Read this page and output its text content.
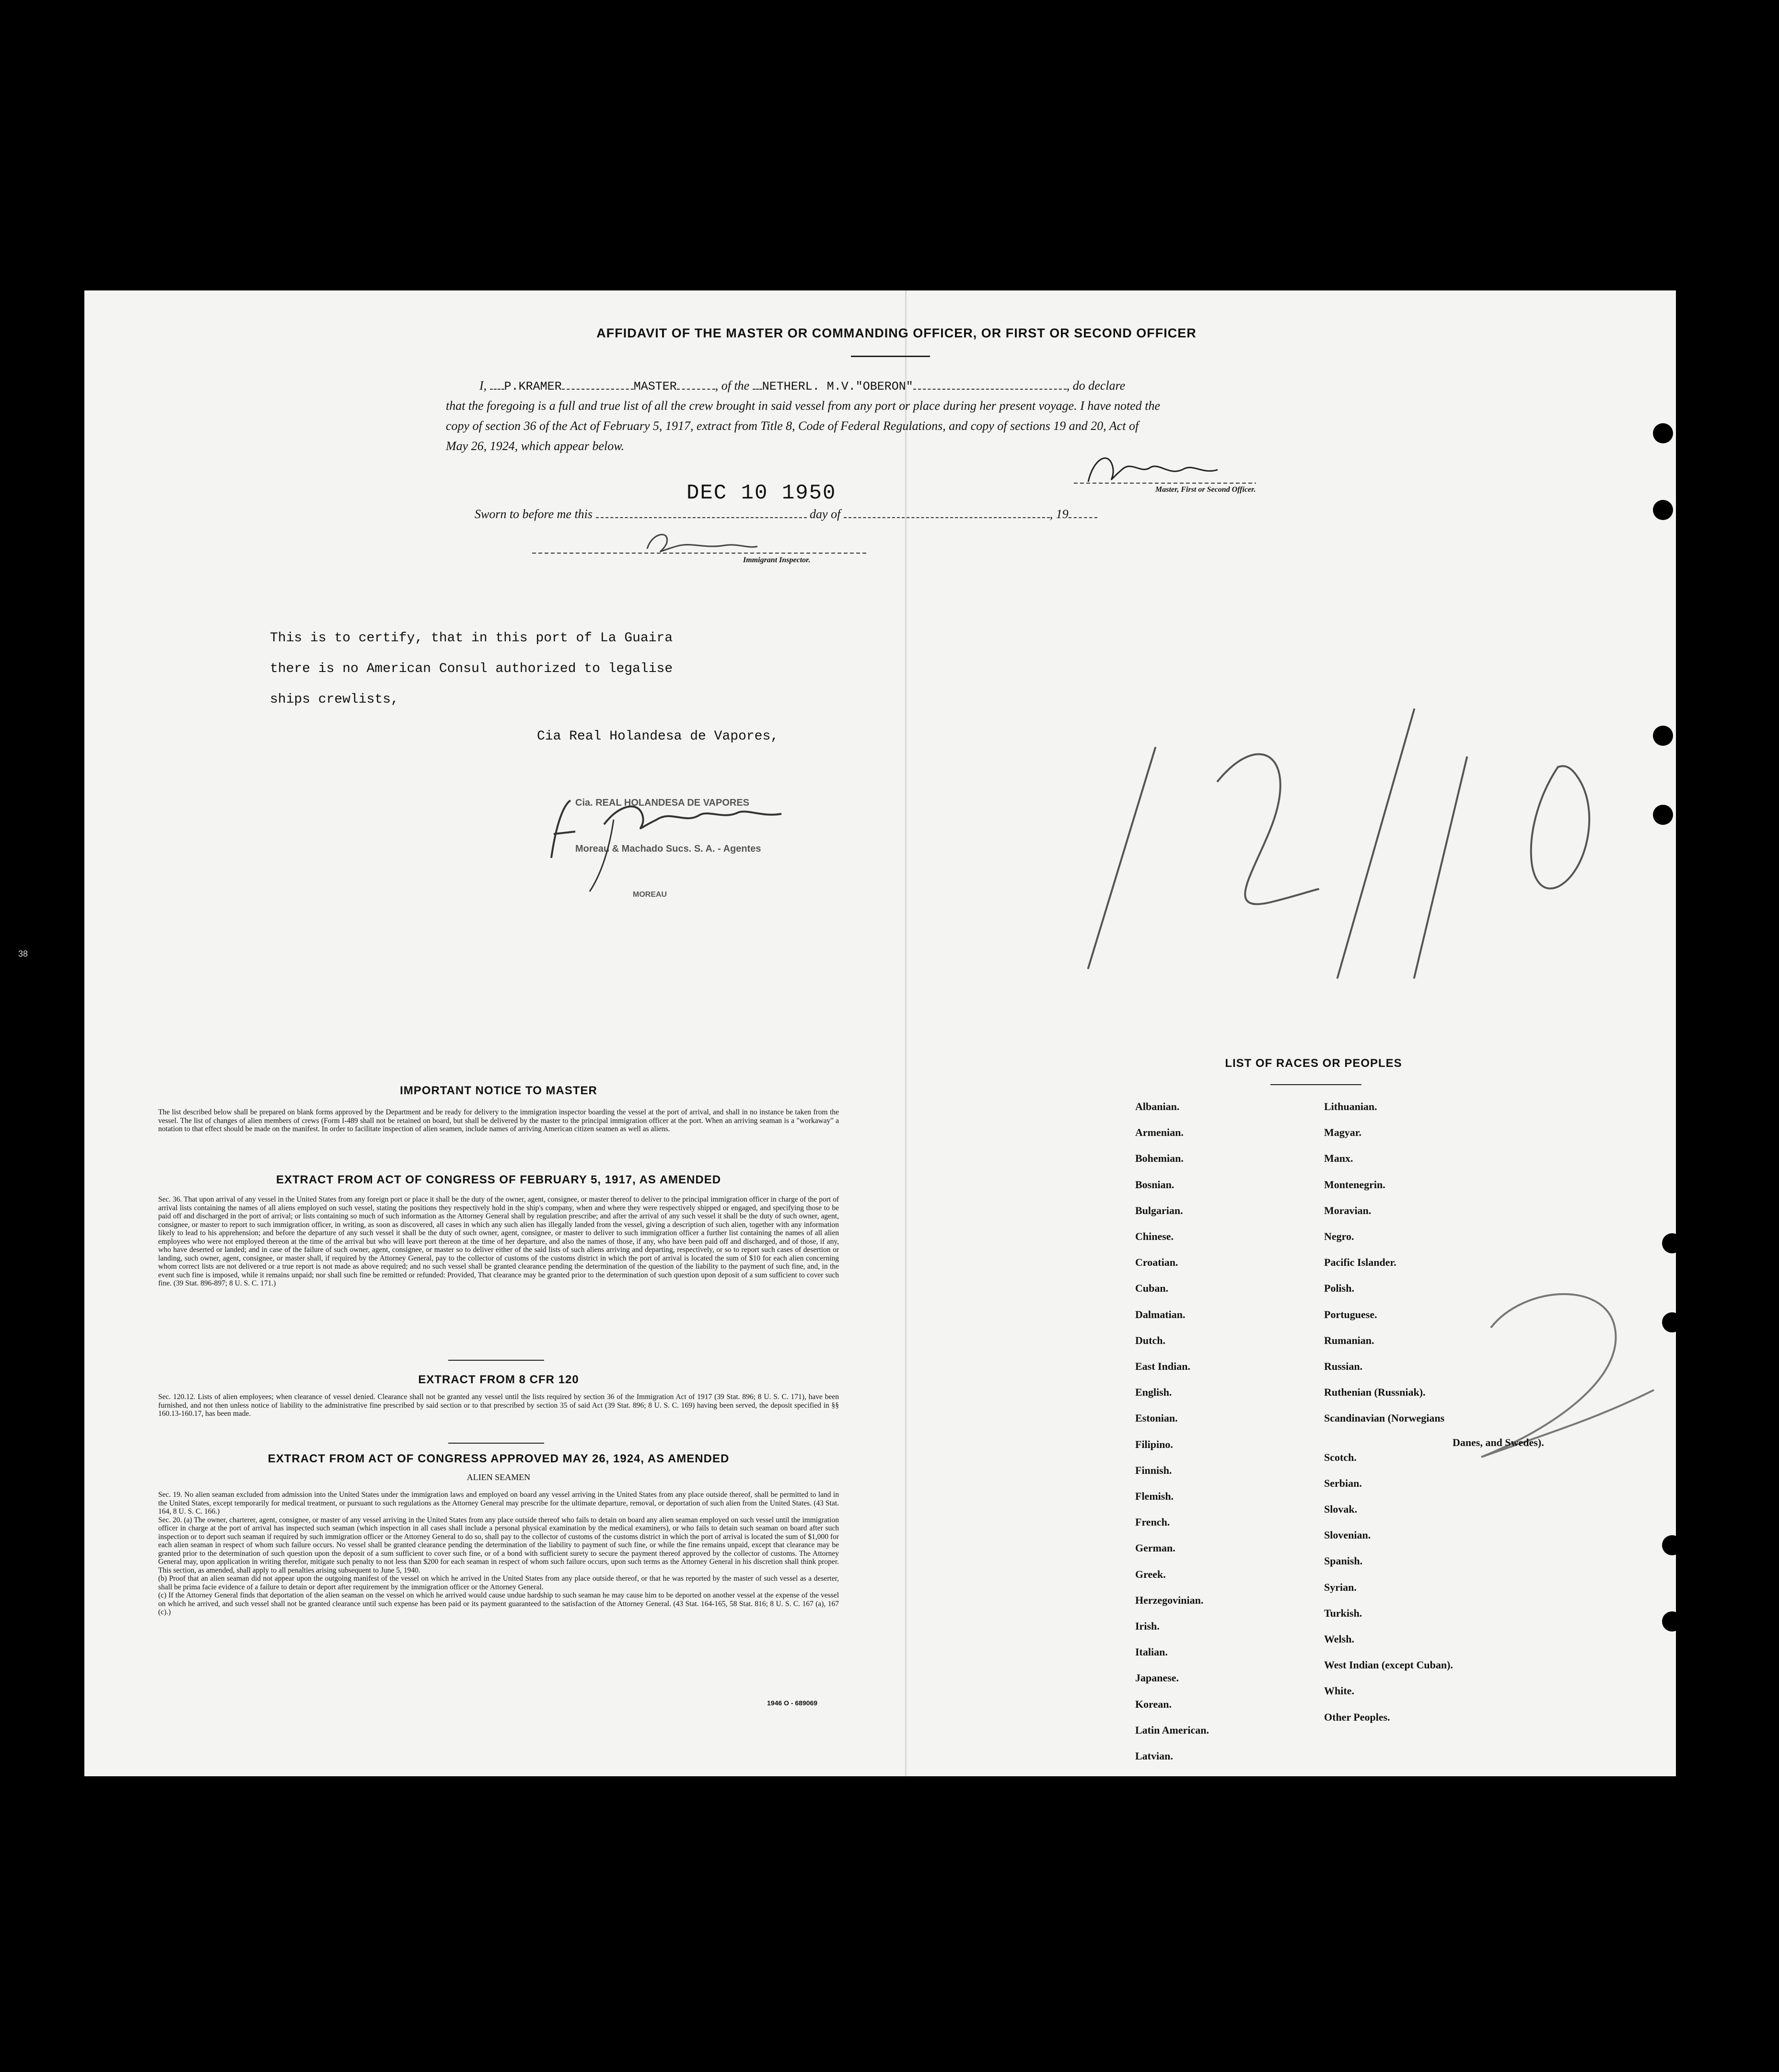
AFFIDAVIT OF THE MASTER OR COMMANDING OFFICER, OR FIRST OR SECOND OFFICER
I, P.KRAMER	MASTER	, of the NETHERL. M.V."OBERON"	, do declare
that the foregoing is a full and true list of all the crew brought in said vessel from any port or place during her present voyage. I have noted the
copy of section 36 of the Act of February 5, 1917, extract from Title 8, Code of Federal Regulations, and copy of sections 19 and 20, Act of
May 26, 1924, which appear below.
Master, First or Second Officer.
Sworn to before me this	day of	, 19
DEC 10 1950
Immigrant Inspector.
This is to certify, that in this port of La Guaira
there is no American Consul authorized to legalise
ships crewlists,
Cia Real Holandesa de Vapores,

Cia. REAL HOLANDESA DE VAPORES

Moreau & Machado Sucs. S. A. - Agentes

MOREAU

IMPORTANT NOTICE TO MASTER
The list described below shall be prepared on blank forms approved by the Department and be ready for delivery to the immigration inspector boarding the vessel at the port of arrival, and shall in no instance be taken from the vessel. The list of changes of alien members of crews (Form I-489 shall not be retained on board, but shall be delivered by the master to the principal immigration officer at the port. When an arriving seaman is a "workaway" a notation to that effect should be made on the manifest. In order to facilitate inspection of alien seamen, include names of arriving American citizen seamen as well as aliens.
EXTRACT FROM ACT OF CONGRESS OF FEBRUARY 5, 1917, AS AMENDED
Sec. 36. That upon arrival of any vessel in the United States from any foreign port or place it shall be the duty of the owner, agent, consignee, or master thereof to deliver to the principal immigration officer in charge of the port of arrival lists containing the names of all aliens employed on such vessel, stating the positions they respectively hold in the ship's company, when and where they were respectively shipped or engaged, and specifying those to be paid off and discharged in the port of arrival; or lists containing so much of such information as the Attorney General shall by regulation prescribe; and after the arrival of any such vessel it shall be the duty of such owner, agent, consignee, or master to report to such immigration officer, in writing, as soon as discovered, all cases in which any such alien has illegally landed from the vessel, giving a description of such alien, together with any information likely to lead to his apprehension; and before the departure of any such vessel it shall be the duty of such owner, agent, consignee, or master to deliver to such immigration officer a further list containing the names of all alien employees who were not employed thereon at the time of the arrival but who will leave port thereon at the time of her departure, and also the names of those, if any, who have been paid off and discharged, and of those, if any, who have deserted or landed; and in case of the failure of such owner, agent, consignee, or master so to deliver either of the said lists of such aliens arriving and departing, respectively, or so to report such cases of desertion or landing, such owner, agent, consignee, or master shall, if required by the Attorney General, pay to the collector of customs of the customs district in which the port of arrival is located the sum of $10 for each alien concerning whom correct lists are not delivered or a true report is not made as above required; and no such vessel shall be granted clearance pending the determination of the question of the liability to the payment of such fine, and, in the event such fine is imposed, while it remains unpaid; nor shall such fine be remitted or refunded: Provided, That clearance may be granted prior to the determination of such question upon deposit of a sum sufficient to cover such fine. (39 Stat. 896-897; 8 U. S. C. 171.)
EXTRACT FROM 8 CFR 120
Sec. 120.12. Lists of alien employees; when clearance of vessel denied. Clearance shall not be granted any vessel until the lists required by section 36 of the Immigration Act of 1917 (39 Stat. 896; 8 U. S. C. 171), have been furnished, and not then unless notice of liability to the administrative fine prescribed by said section or to that prescribed by section 35 of said Act (39 Stat. 896; 8 U. S. C. 169) having been served, the deposit specified in §§ 160.13-160.17, has been made.
EXTRACT FROM ACT OF CONGRESS APPROVED MAY 26, 1924, AS AMENDED
ALIEN SEAMEN
Sec. 19. No alien seaman excluded from admission into the United States under the immigration laws and employed on board any vessel arriving in the United States from any place outside thereof, shall be permitted to land in the United States, except temporarily for medical treatment, or pursuant to such regulations as the Attorney General may prescribe for the ultimate departure, removal, or deportation of such alien from the United States. (43 Stat. 164, 8 U. S. C. 166.)
Sec. 20. (a) The owner, charterer, agent, consignee, or master of any vessel arriving in the United States from any place outside thereof who fails to detain on board any alien seaman employed on such vessel until the immigration officer in charge at the port of arrival has inspected such seaman (which inspection in all cases shall include a personal physical examination by the medical examiners), or who fails to detain such seaman on board after such inspection or to deport such seaman if required by such immigration officer or the Attorney General to do so, shall pay to the collector of customs of the customs district in which the port of arrival is located the sum of $1,000 for each alien seaman in respect of whom such failure occurs. No vessel shall be granted clearance pending the determination of the liability to payment of such fine, or while the fine remains unpaid, except that clearance may be granted prior to the determination of such question upon the deposit of a sum sufficient to cover such fine, or of a bond with sufficient surety to secure the payment thereof approved by the collector of customs. The Attorney General may, upon application in writing therefor, mitigate such penalty to not less than $200 for each seaman in respect of whom such failure occurs, upon such terms as the Attorney General in his discretion shall think proper. This section, as amended, shall apply to all penalties arising subsequent to June 5, 1940.
(b) Proof that an alien seaman did not appear upon the outgoing manifest of the vessel on which he arrived in the United States from any place outside thereof, or that he was reported by the master of such vessel as a deserter, shall be prima facie evidence of a failure to detain or deport after requirement by the immigration officer or the Attorney General.
(c) If the Attorney General finds that deportation of the alien seaman on the vessel on which he arrived would cause undue hardship to such seaman he may cause him to be deported on another vessel at the expense of the vessel on which he arrived, and such vessel shall not be granted clearance until such expense has been paid or its payment guaranteed to the satisfaction of the Attorney General. (43 Stat. 164-165, 58 Stat. 816; 8 U. S. C. 167 (a), 167 (c).)
1946 O - 689069
LIST OF RACES OR PEOPLES
Albanian.
Armenian.
Bohemian.
Bosnian.
Bulgarian.
Chinese.
Croatian.
Cuban.
Dalmatian.
Dutch.
East Indian.
English.
Estonian.
Filipino.
Finnish.
Flemish.
French.
German.
Greek.
Herzegovinian.
Irish.
Italian.
Japanese.
Korean.
Latin American.
Latvian.
Lithuanian.
Magyar.
Manx.
Montenegrin.
Moravian.
Negro.
Pacific Islander.
Polish.
Portuguese.
Rumanian.
Russian.
Ruthenian (Russniak).
Scandinavian (Norwegians
Danes, and Swedes).
Scotch.
Serbian.
Slovak.
Slovenian.
Spanish.
Syrian.
Turkish.
Welsh.
West Indian (except Cuban).
White.
Other Peoples.
38
